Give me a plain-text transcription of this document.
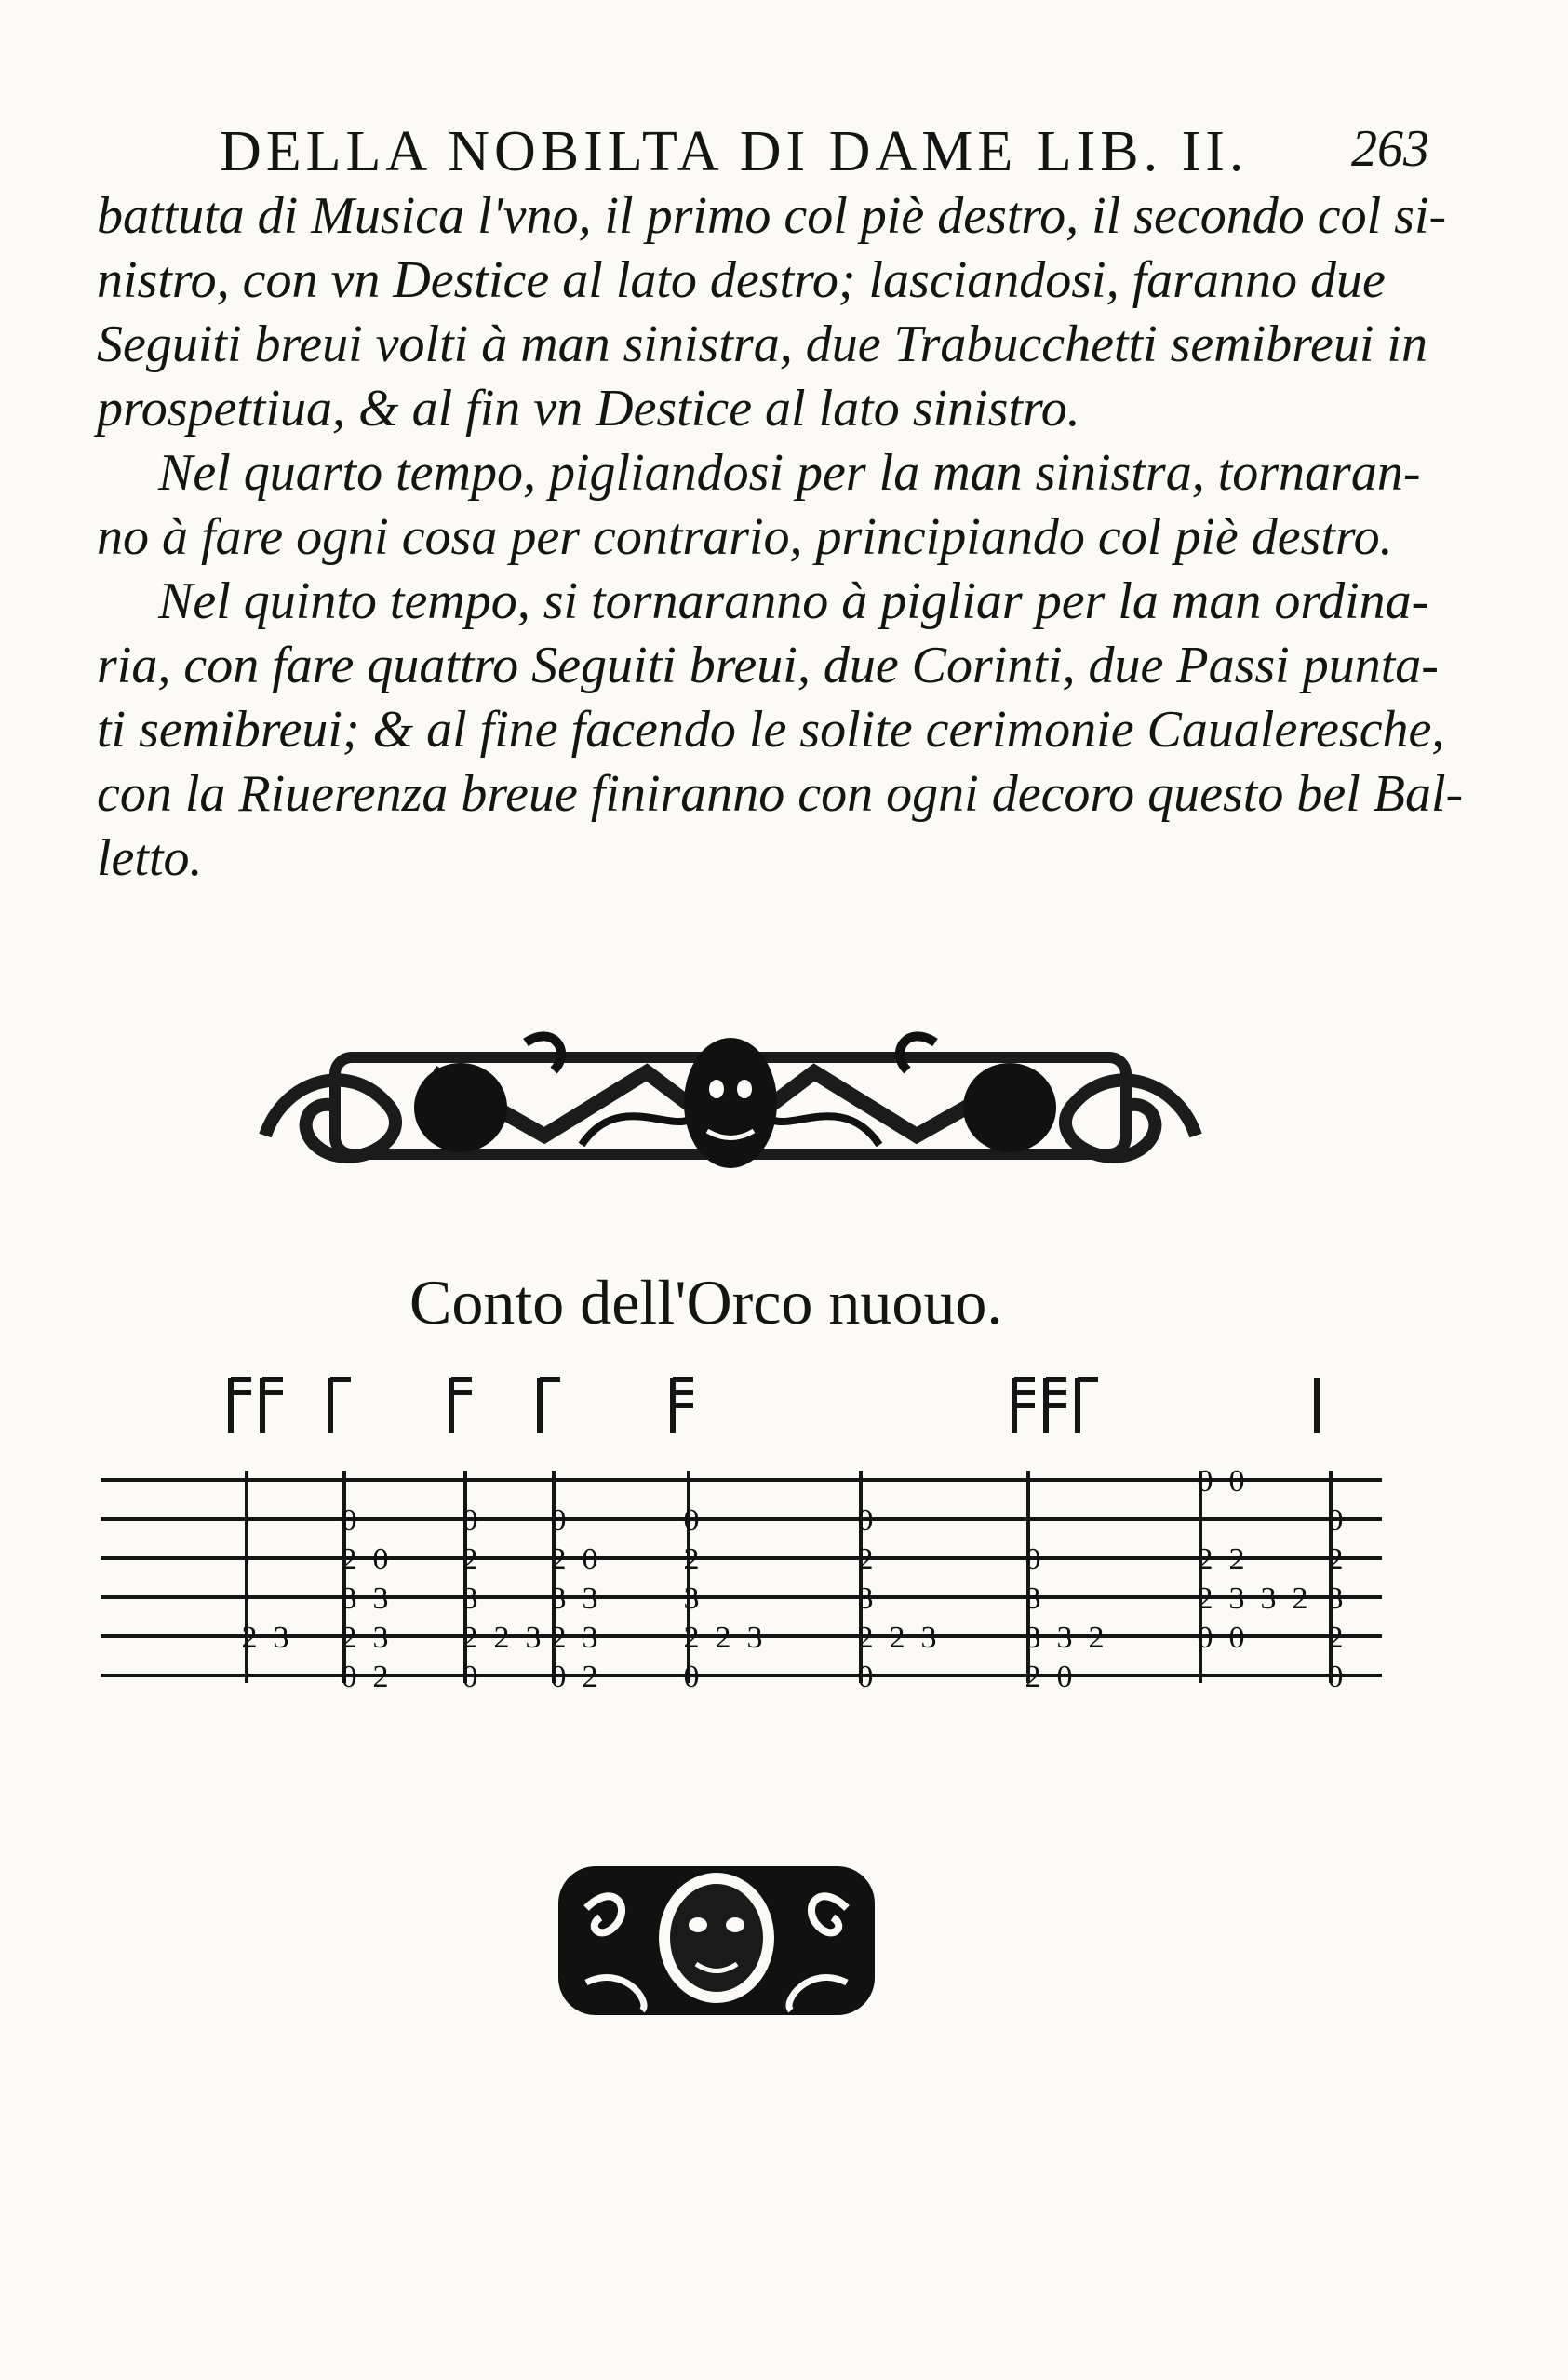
DELLA NOBILTA DI DAME LIB. II. 263

battuta di Musica l'vno, il primo col piè destro, il secondo col si-
nistro, con vn Destice al lato destro; lasciandosi, faranno due
Seguiti breui volti à man sinistra, due Trabucchetti semibreui in
prospettiua, & al fin vn Destice al lato sinistro.

Nel quarto tempo, pigliandosi per la man sinistra, tornaran-
no à fare ogni cosa per contrario, principiando col piè destro.

Nel quinto tempo, si tornaranno à pigliar per la man ordina-
ria, con fare quattro Seguiti breui, due Corinti, due Passi punta-
ti semibreui; & al fine facendo le solite cerimonie Caualeresche,
con la Riuerenza breue finiranno con ogni decoro questo bel Bal-
letto.

Conto dell'Orco nuouo.
2 3
0
2 0
3 3
2 3
0 2
0
2
3
2 2 3
0
0
2 0
3 3
2 3
0 2
0
2
3
2 2 3
0
0
2
3
2 2 3
0
0
3
3 3 2
2 0
0 0
2 2
2 3 3 2
0 0
0
2
3
2
0
